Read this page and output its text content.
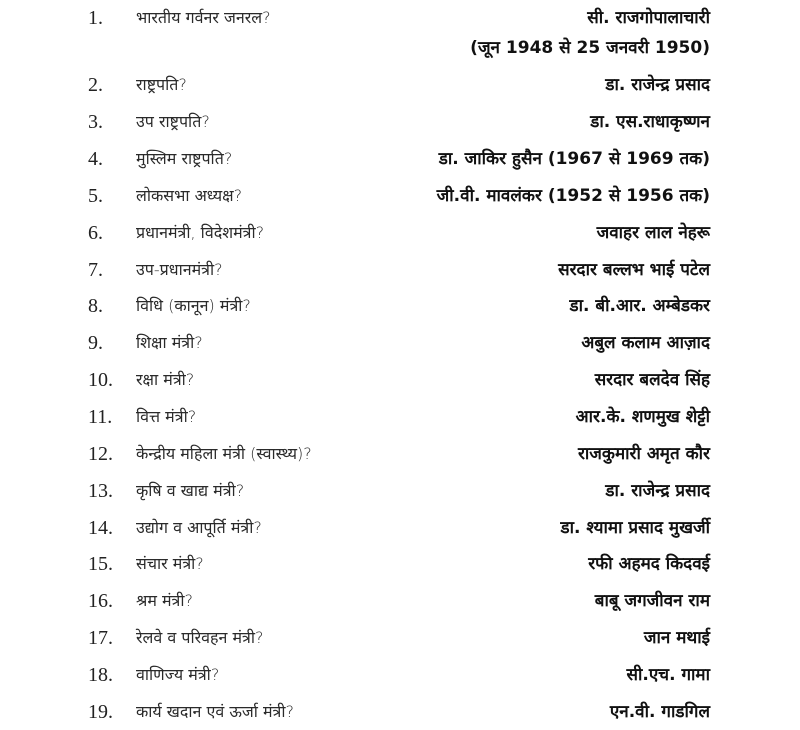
1.	भारतीय गर्वनर जनरल?	सी. राजगोपालाचारी
(जून 1948 से 25 जनवरी 1950)
2.	राष्ट्रपति?	डा. राजेन्द्र प्रसाद
3.	उप राष्ट्रपति?	डा. एस.राधाकृष्णन
4.	मुस्लिम राष्ट्रपति?	डा. जाकिर हुसैन (1967 से 1969 तक)
5.	लोकसभा अध्यक्ष?	जी.वी. मावलंकर (1952 से 1956 तक)
6.	प्रधानमंत्री, विदेशमंत्री?	जवाहर लाल नेहरू
7.	उप-प्रधानमंत्री?	सरदार बल्लभ भाई पटेल
8.	विधि (कानून) मंत्री?	डा. बी.आर. अम्बेडकर
9.	शिक्षा मंत्री?	अबुल कलाम आज़ाद
10.	रक्षा मंत्री?	सरदार बलदेव सिंह
11.	वित्त मंत्री?	आर.के. शणमुख शेट्टी
12.	केन्द्रीय महिला मंत्री (स्वास्थ्य)?	राजकुमारी अमृत कौर
13.	कृषि व खाद्य मंत्री?	डा. राजेन्द्र प्रसाद
14.	उद्योग व आपूर्ति मंत्री?	डा. श्यामा प्रसाद मुखर्जी
15.	संचार मंत्री?	रफी अहमद किदवई
16.	श्रम मंत्री?	बाबू जगजीवन राम
17.	रेलवे व परिवहन मंत्री?	जान मथाई
18.	वाणिज्य मंत्री?	सी.एच. गामा
19.	कार्य खदान एवं ऊर्जा मंत्री?	एन.वी. गाडगिल
